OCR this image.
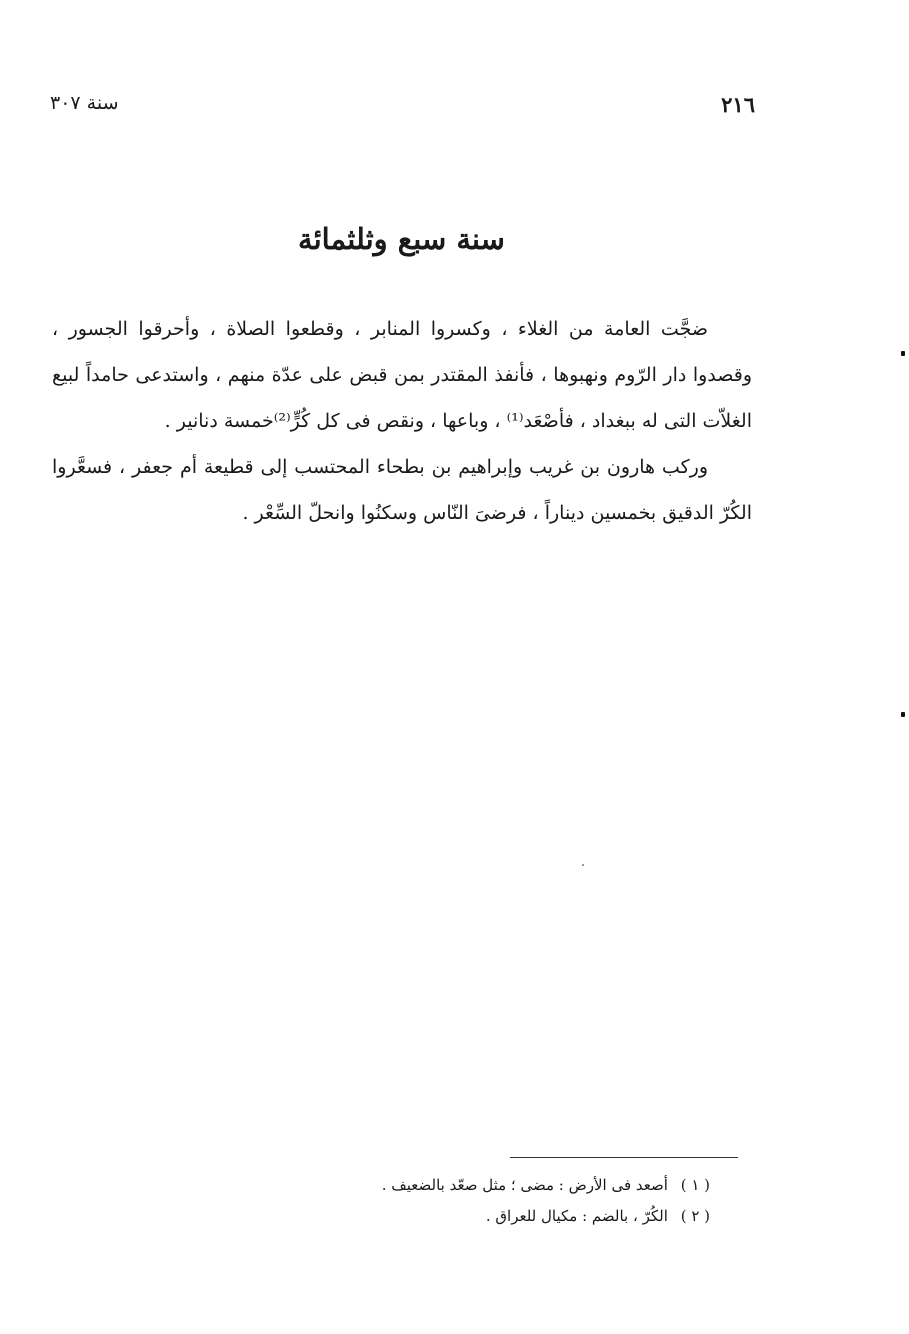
٢١٦
سنة ٣٠٧
سنة سبع وثلثمائة

ضجَّت العامة من الغلاء ، وكسروا المنابر ، وقطعوا الصلاة ، وأحرقوا الجسور ، وقصدوا دار الرّوم ونهبوها ، فأنفذ المقتدر بمن قبض على عدّة منهم ، واستدعى حامداً لبيع الغلاّت التى له ببغداد ، فأصْعَد⁽¹⁾ ، وباعها ، ونقص فى كل كُرٍّ⁽²⁾خمسة دنانير .

وركب هارون بن غريب وإبراهيم بن بطحاء المحتسب إلى قطيعة أم جعفر ، فسعَّروا الكُرّ الدقيق بخمسين ديناراً ، فرضىَ النّاس وسكنُوا وانحلّ السِّعْر .

( ١ ) أصعد فى الأرض : مضى ؛ مثل صعّد بالضعيف .
( ٢ ) الكُرّ ، بالضم : مكيال للعراق .
